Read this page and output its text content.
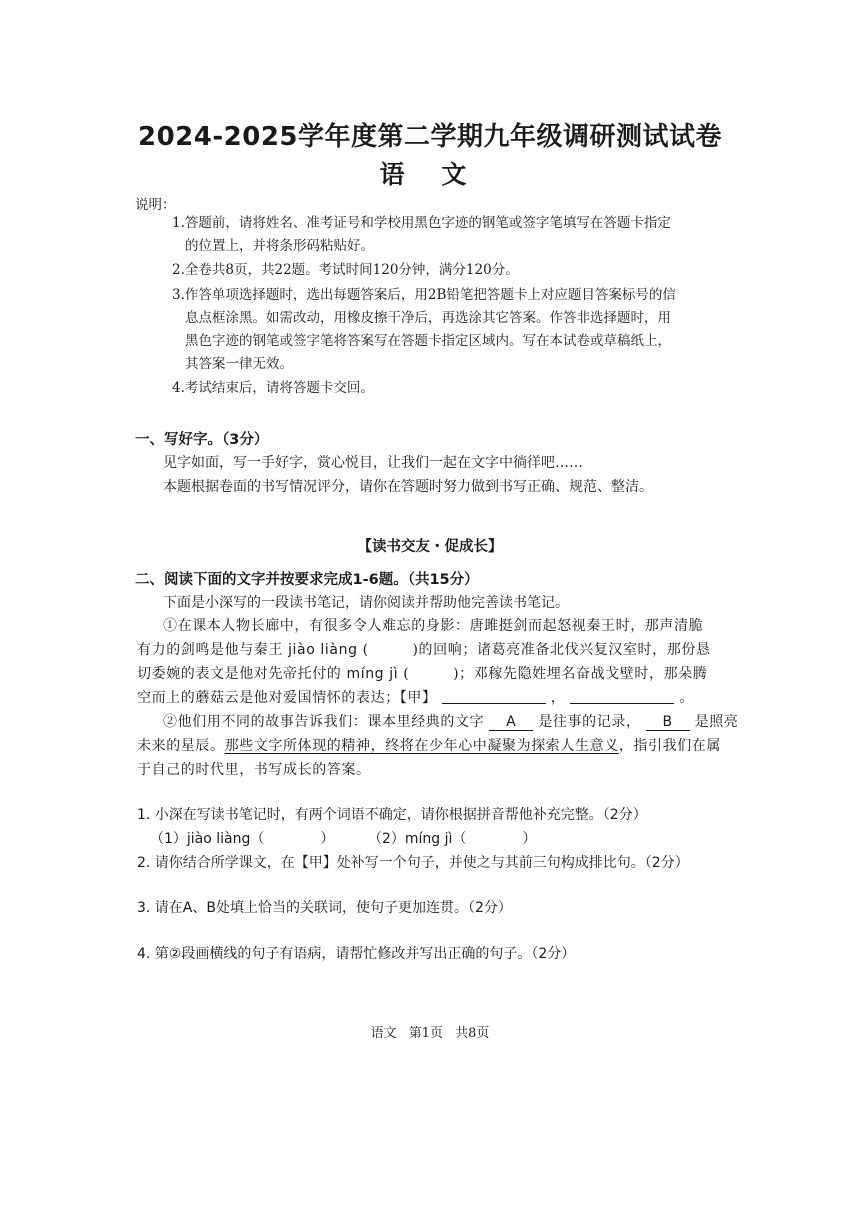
2024-2025学年度第二学期九年级调研测试试卷
语 文
说明：
1.答题前，请将姓名、准考证号和学校用黑色字迹的钢笔或签字笔填写在答题卡指定
的位置上，并将条形码粘贴好。
2.全卷共8页，共22题。考试时间120分钟，满分120分。
3.作答单项选择题时，选出每题答案后，用2B铅笔把答题卡上对应题目答案标号的信
息点框涂黑。如需改动，用橡皮擦干净后，再选涂其它答案。作答非选择题时，用
黑色字迹的钢笔或签字笔将答案写在答题卡指定区域内。写在本试卷或草稿纸上，
其答案一律无效。
4.考试结束后，请将答题卡交回。
一、写好字。（3分）
见字如面，写一手好字，赏心悦目，让我们一起在文字中徜徉吧……
本题根据卷面的书写情况评分，请你在答题时努力做到书写正确、规范、整洁。
【读书交友・促成长】
二、阅读下面的文字并按要求完成1-6题。（共15分）
下面是小深写的一段读书笔记，请你阅读并帮助他完善读书笔记。
①在课本人物长廊中，有很多令人难忘的身影：唐雎挺剑而起怒视秦王时，那声清脆
有力的剑鸣是他与秦王 jiào liàng (　　　)的回响；诸葛亮准备北伐兴复汉室时，那份恳
切委婉的表文是他对先帝托付的 míng jì (　　　)；邓稼先隐姓埋名奋战戈壁时，那朵腾
空而上的蘑菇云是他对爱国情怀的表达；【甲】	，	。
②他们用不同的故事告诉我们：课本里经典的文字 A 是往事的记录， B 是照亮
未来的星辰。那些文字所体现的精神，终将在少年心中凝聚为探索人生意义，指引我们在属
于自己的时代里，书写成长的答案。
1. 小深在写读书笔记时，有两个词语不确定，请你根据拼音帮他补充完整。（2分）
（1）jiào liàng（　　　　） （2）míng jì（　　　　）
2. 请你结合所学课文，在【甲】处补写一个句子，并使之与其前三句构成排比句。（2分）
3. 请在A、B处填上恰当的关联词，使句子更加连贯。（2分）
4. 第②段画横线的句子有语病，请帮忙修改并写出正确的句子。（2分）
语文 第1页 共8页
